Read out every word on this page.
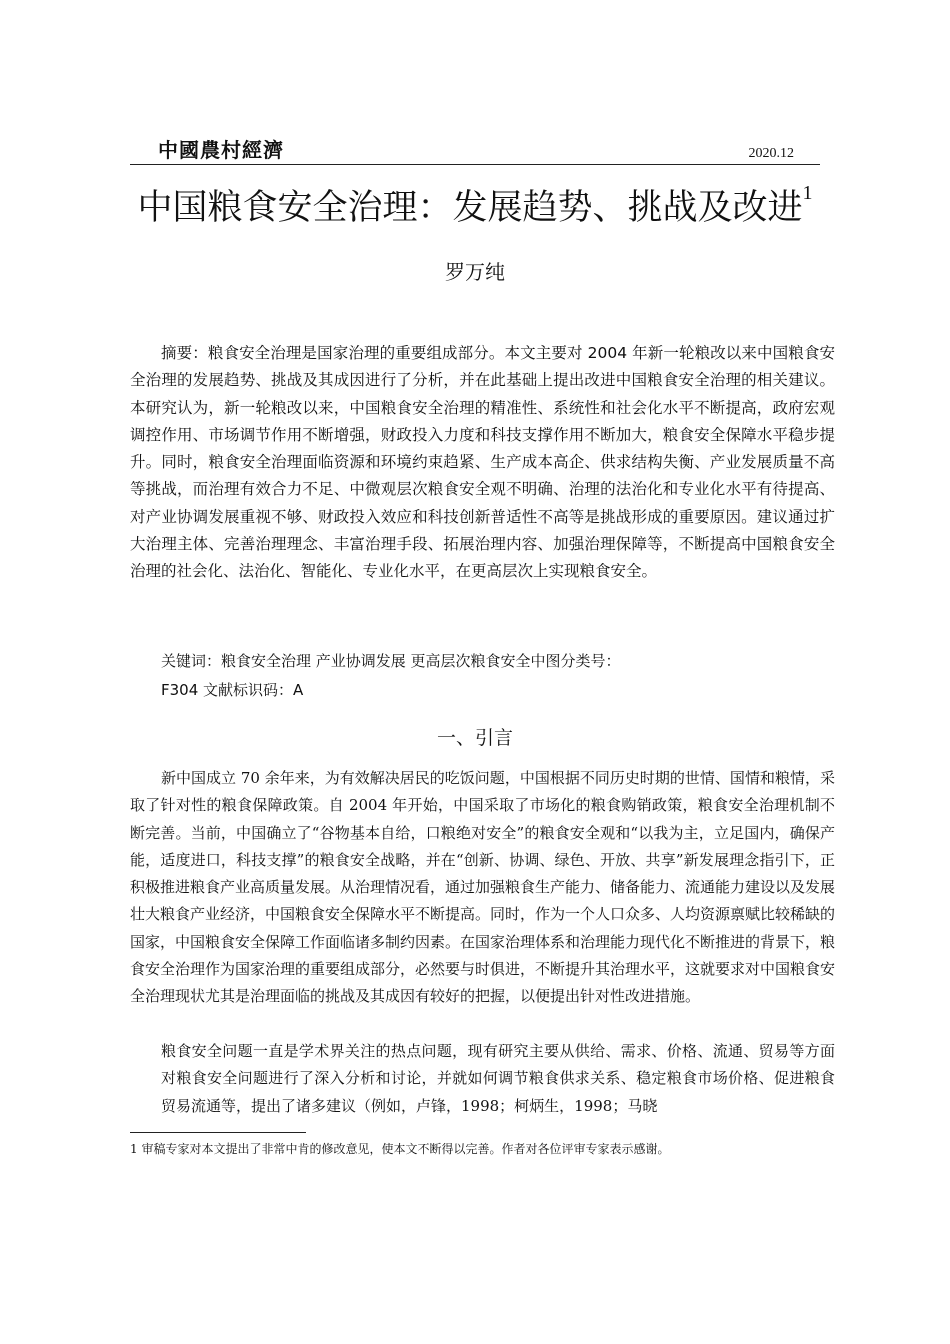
中國農村經濟	2020.12
中国粮食安全治理：发展趋势、挑战及改进$^1$
罗万纯

摘要：粮食安全治理是国家治理的重要组成部分。本文主要对 2004 年新一轮粮改以来中国粮食安全治理的发展趋势、挑战及其成因进行了分析，并在此基础上提出改进中国粮食安全治理的相关建议。本研究认为，新一轮粮改以来，中国粮食安全治理的精准性、系统性和社会化水平不断提高，政府宏观调控作用、市场调节作用不断增强，财政投入力度和科技支撑作用不断加大，粮食安全保障水平稳步提升。同时，粮食安全治理面临资源和环境约束趋紧、生产成本高企、供求结构失衡、产业发展质量不高等挑战，而治理有效合力不足、中微观层次粮食安全观不明确、治理的法治化和专业化水平有待提高、对产业协调发展重视不够、财政投入效应和科技创新普适性不高等是挑战形成的重要原因。建议通过扩大治理主体、完善治理理念、丰富治理手段、拓展治理内容、加强治理保障等，不断提高中国粮食安全治理的社会化、法治化、智能化、专业化水平，在更高层次上实现粮食安全。

关键词：粮食安全治理 产业协调发展 更高层次粮食安全中图分类号：
F304 文献标识码：A
一、引言

新中国成立 70 余年来，为有效解决居民的吃饭问题，中国根据不同历史时期的世情、国情和粮情，采取了针对性的粮食保障政策。自 2004 年开始，中国采取了市场化的粮食购销政策，粮食安全治理机制不断完善。当前，中国确立了“谷物基本自给，口粮绝对安全”的粮食安全观和“以我为主，立足国内，确保产能，适度进口，科技支撑”的粮食安全战略，并在“创新、协调、绿色、开放、共享”新发展理念指引下，正积极推进粮食产业高质量发展。从治理情况看，通过加强粮食生产能力、储备能力、流通能力建设以及发展壮大粮食产业经济，中国粮食安全保障水平不断提高。同时，作为一个人口众多、人均资源禀赋比较稀缺的国家，中国粮食安全保障工作面临诸多制约因素。在国家治理体系和治理能力现代化不断推进的背景下，粮食安全治理作为国家治理的重要组成部分，必然要与时俱进，不断提升其治理水平，这就要求对中国粮食安全治理现状尤其是治理面临的挑战及其成因有较好的把握，以便提出针对性改进措施。

粮食安全问题一直是学术界关注的热点问题，现有研究主要从供给、需求、价格、流通、贸易等方面对粮食安全问题进行了深入分析和讨论，并就如何调节粮食供求关系、稳定粮食市场价格、促进粮食贸易流通等，提出了诸多建议（例如，卢锋，1998；柯炳生，1998；马晓

1 审稿专家对本文提出了非常中肯的修改意见，使本文不断得以完善。作者对各位评审专家表示感谢。
